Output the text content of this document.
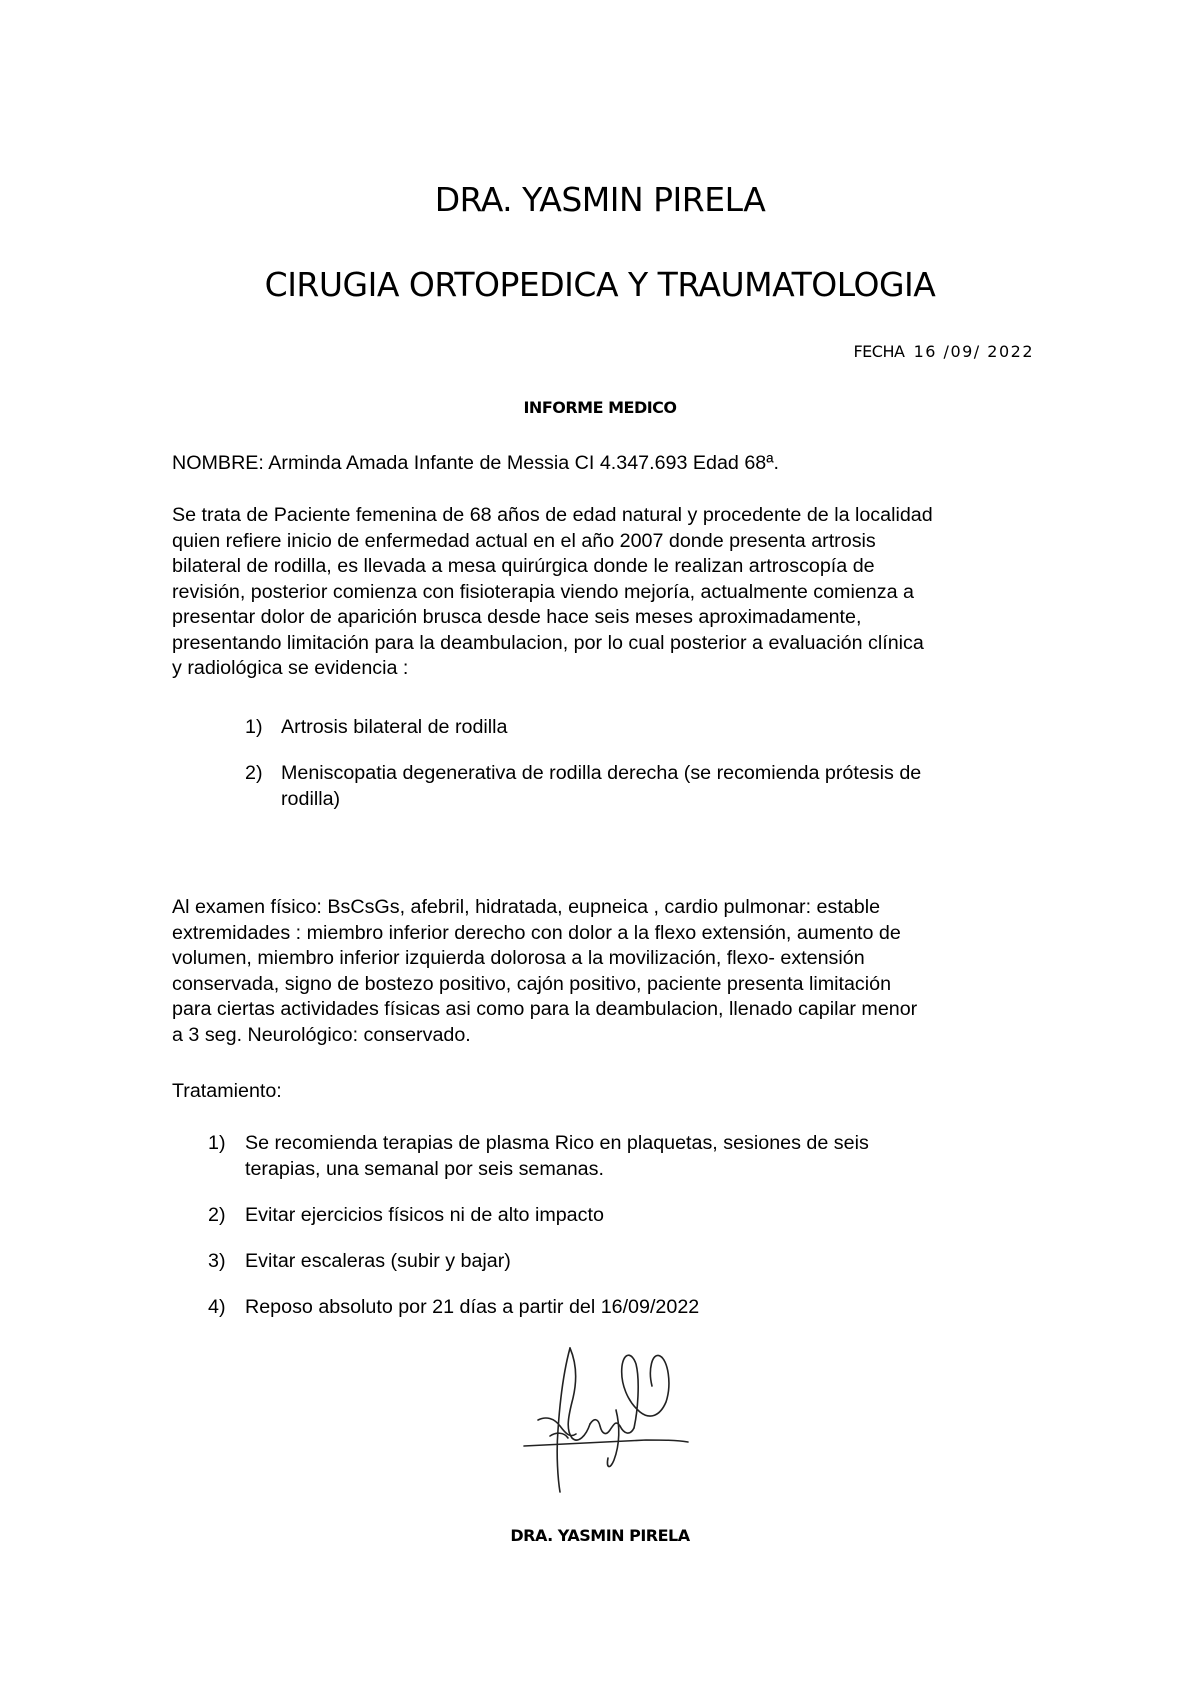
DRA. YASMIN PIRELA
CIRUGIA ORTOPEDICA Y TRAUMATOLOGIA
FECHA 16 /09/ 2022
INFORME MEDICO
NOMBRE: Arminda Amada Infante de Messia CI 4.347.693 Edad 68ª.
Se trata de Paciente femenina de 68 años de edad natural y procedente de la localidad
quien refiere inicio de enfermedad actual en el año 2007 donde presenta artrosis
bilateral de rodilla, es llevada a mesa quirúrgica donde le realizan artroscopía de
revisión, posterior comienza con fisioterapia viendo mejoría, actualmente comienza a
presentar dolor de aparición brusca desde hace seis meses aproximadamente,
presentando limitación para la deambulacion, por lo cual posterior a evaluación clínica
y radiológica se evidencia :
1) Artrosis bilateral de rodilla
2) Meniscopatia degenerativa de rodilla derecha (se recomienda prótesis de
rodilla)
Al examen físico: BsCsGs, afebril, hidratada, eupneica , cardio pulmonar: estable
extremidades : miembro inferior derecho con dolor a la flexo extensión, aumento de
volumen, miembro inferior izquierda dolorosa a la movilización, flexo- extensión
conservada, signo de bostezo positivo, cajón positivo, paciente presenta limitación
para ciertas actividades físicas asi como para la deambulacion, llenado capilar menor
a 3 seg. Neurológico: conservado.
Tratamiento:
1) Se recomienda terapias de plasma Rico en plaquetas, sesiones de seis
terapias, una semanal por seis semanas.
2) Evitar ejercicios físicos ni de alto impacto
3) Evitar escaleras (subir y bajar)
4) Reposo absoluto por 21 días a partir del 16/09/2022
DRA. YASMIN PIRELA
